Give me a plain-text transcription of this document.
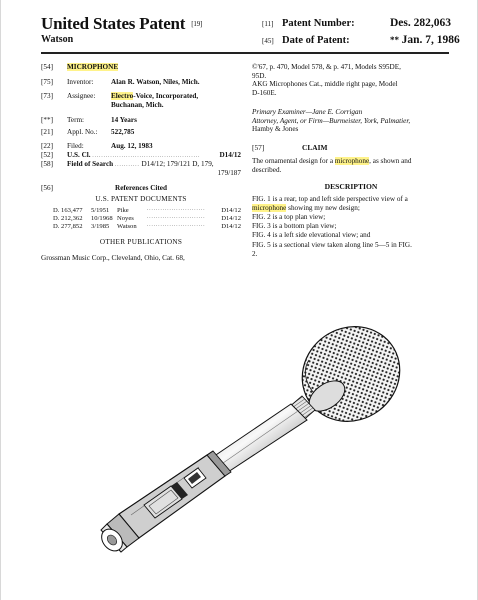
United States Patent [19]
Watson
[11] Patent Number:	Des. 282,063
[45] Date of Patent:	** Jan. 7, 1986
[54] MICROPHONE
[75] Inventor: Alan R. Watson, Niles, Mich.
[73] Assignee: Electro-Voice, Incorporated,
Buchanan, Mich.
[**] Term:	14 Years
[21] Appl. No.: 522,785
[22] Filed:	Aug. 12, 1983
[52] U.S. Cl. ................................................	D14/12
[58] Field of Search ........... D14/12; 179/121 D, 179,
179/187
[56]	References Cited
U.S. PATENT DOCUMENTS
D. 163,477 5/1951 Pike	.......................... D14/12
D. 212,362 10/1968 Noyes	.......................... D14/12
D. 277,852 3/1985 Watson .......................... D14/12
OTHER PUBLICATIONS
Grossman Music Corp., Cleveland, Ohio, Cat. 68,
©'67, p. 470, Model 578, & p. 471, Models S95DE,
95D.
AKG Microphones Cat., middle right page, Model
D-160E.
Primary Examiner—Jane E. Corrigan
Attorney, Agent, or Firm—Burmeister, York, Palmatier,
Hamby & Jones
[57]	CLAIM
The ornamental design for a microphone, as shown and
described.
DESCRIPTION
FIG. 1 is a rear, top and left side perspective view of a
microphone showing my new design;
FIG. 2 is a top plan view;
FIG. 3 is a bottom plan view;
FIG. 4 is a left side elevational view; and
FIG. 5 is a sectional view taken along line 5—5 in FIG.
2.
